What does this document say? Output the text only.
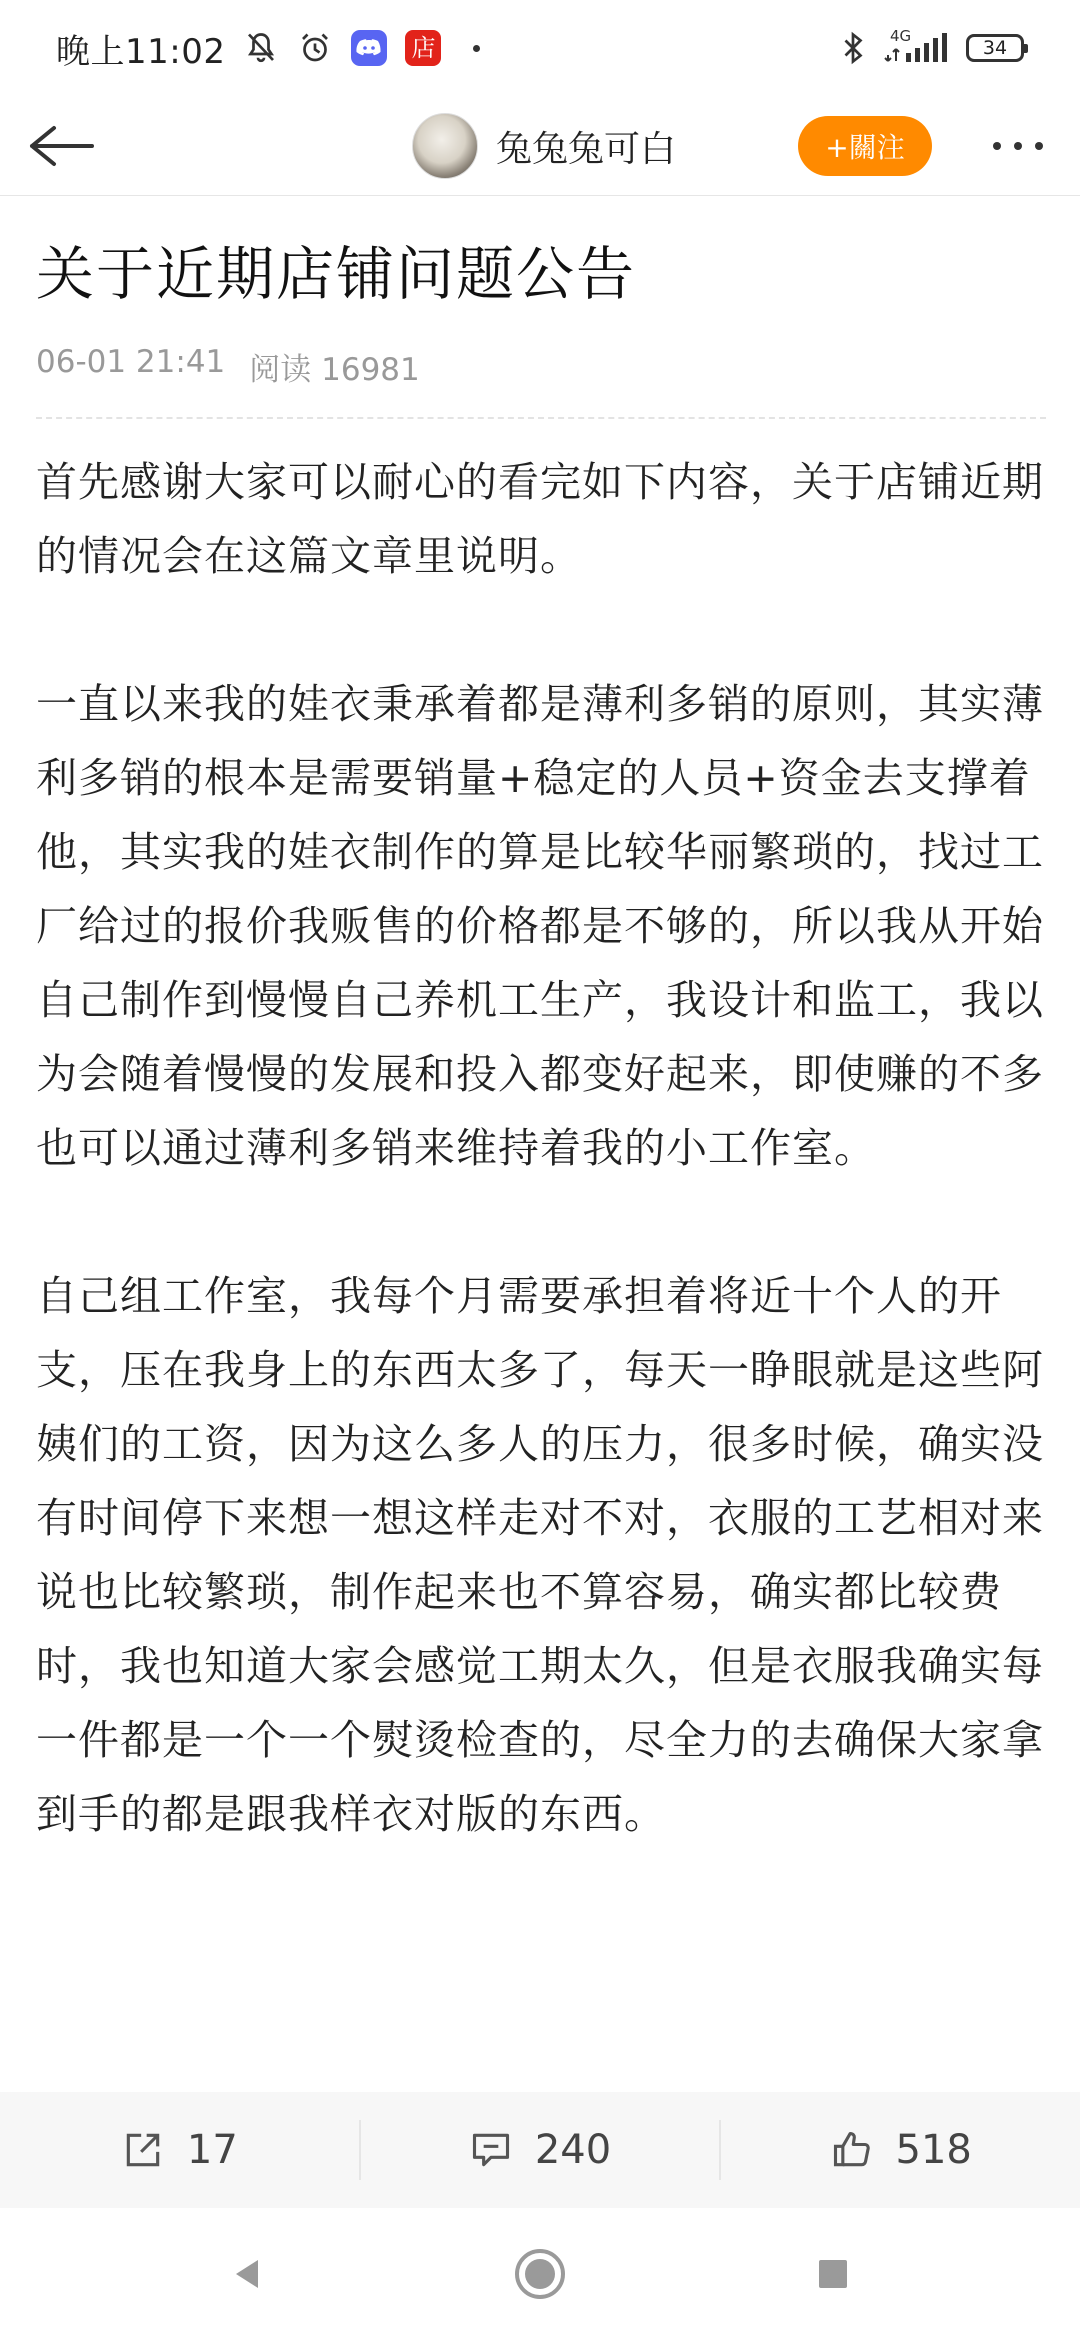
晚上11:02	店	4G
34
兔兔兔可白	+關注
关于近期店铺问题公告
06-01 21:41 阅读 16981

首先感谢大家可以耐心的看完如下内容，关于店铺近期的情况会在这篇文章里说明。

一直以来我的娃衣秉承着都是薄利多销的原则，其实薄利多销的根本是需要销量+稳定的人员+资金去支撑着他，其实我的娃衣制作的算是比较华丽繁琐的，找过工厂给过的报价我贩售的价格都是不够的，所以我从开始自己制作到慢慢自己养机工生产，我设计和监工，我以为会随着慢慢的发展和投入都变好起来，即使赚的不多也可以通过薄利多销来维持着我的小工作室。

自己组工作室，我每个月需要承担着将近十个人的开支，压在我身上的东西太多了，每天一睁眼就是这些阿姨们的工资，因为这么多人的压力，很多时候，确实没有时间停下来想一想这样走对不对，衣服的工艺相对来说也比较繁琐，制作起来也不算容易，确实都比较费时，我也知道大家会感觉工期太久，但是衣服我确实每一件都是一个一个熨烫检查的，尽全力的去确保大家拿到手的都是跟我样衣对版的东西。

17	240	518
